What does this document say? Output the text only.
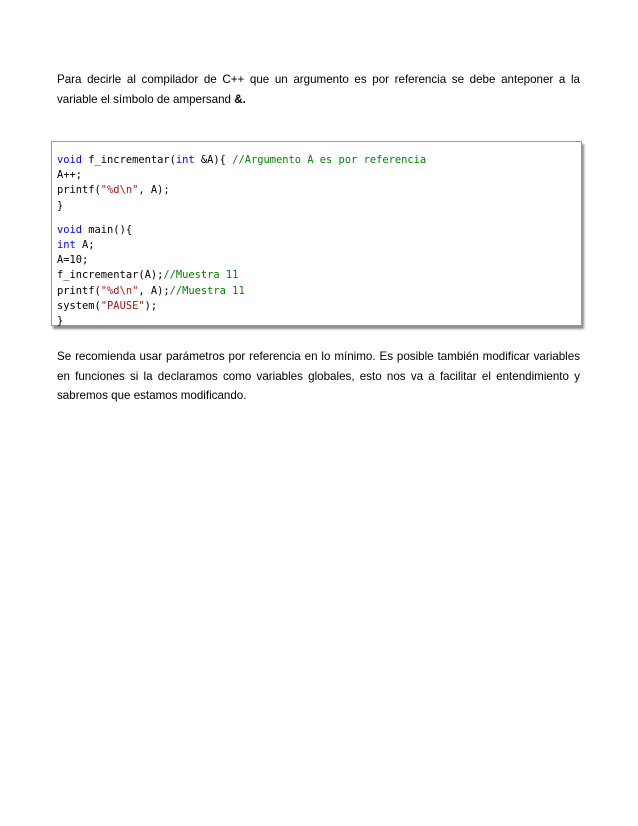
Para decirle al compilador de C++ que un argumento es por referencia se debe anteponer a la variable el símbolo de ampersand &.

void f_incrementar(int &A){ //Argumento A es por referencia
A++;
printf("%d\n", A);
}
void main(){
int A;
A=10;
f_incrementar(A);//Muestra 11
printf("%d\n", A);//Muestra 11
system("PAUSE");
}

Se recomienda usar parámetros por referencia en lo mínimo. Es posible también modificar variables en funciones si la declaramos como variables globales, esto nos va a facilitar el entendimiento y sabremos que estamos modificando.
